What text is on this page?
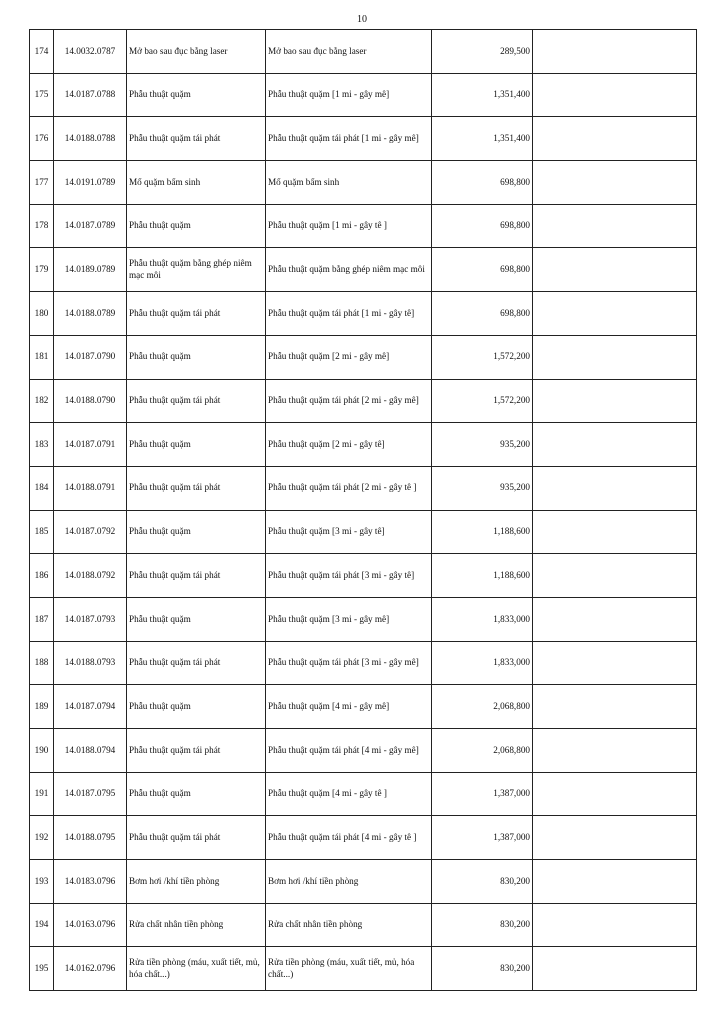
10
174	14.0032.0787	Mở bao sau đục bằng laser	Mở bao sau đục bằng laser	289,500	
175	14.0187.0788	Phẫu thuật quặm	Phẫu thuật quặm [1 mi - gây mê]	1,351,400	
176	14.0188.0788	Phẫu thuật quặm tái phát	Phẫu thuật quặm tái phát [1 mi - gây mê]	1,351,400	
177	14.0191.0789	Mổ quặm bẩm sinh	Mổ quặm bẩm sinh	698,800	
178	14.0187.0789	Phẫu thuật quặm	Phẫu thuật quặm [1 mi - gây tê ]	698,800	
179	14.0189.0789	Phẫu thuật quặm bằng ghép niêm mạc môi	Phẫu thuật quặm bằng ghép niêm mạc môi	698,800	
180	14.0188.0789	Phẫu thuật quặm tái phát	Phẫu thuật quặm tái phát [1 mi - gây tê]	698,800	
181	14.0187.0790	Phẫu thuật quặm	Phẫu thuật quặm [2 mi - gây mê]	1,572,200	
182	14.0188.0790	Phẫu thuật quặm tái phát	Phẫu thuật quặm tái phát [2 mi - gây mê]	1,572,200	
183	14.0187.0791	Phẫu thuật quặm	Phẫu thuật quặm [2 mi - gây tê]	935,200	
184	14.0188.0791	Phẫu thuật quặm tái phát	Phẫu thuật quặm tái phát [2 mi - gây tê ]	935,200	
185	14.0187.0792	Phẫu thuật quặm	Phẫu thuật quặm [3 mi - gây tê]	1,188,600	
186	14.0188.0792	Phẫu thuật quặm tái phát	Phẫu thuật quặm tái phát [3 mi - gây tê]	1,188,600	
187	14.0187.0793	Phẫu thuật quặm	Phẫu thuật quặm [3 mi - gây mê]	1,833,000	
188	14.0188.0793	Phẫu thuật quặm tái phát	Phẫu thuật quặm tái phát [3 mi - gây mê]	1,833,000	
189	14.0187.0794	Phẫu thuật quặm	Phẫu thuật quặm [4 mi - gây mê]	2,068,800	
190	14.0188.0794	Phẫu thuật quặm tái phát	Phẫu thuật quặm tái phát [4 mi - gây mê]	2,068,800	
191	14.0187.0795	Phẫu thuật quặm	Phẫu thuật quặm [4 mi - gây tê ]	1,387,000	
192	14.0188.0795	Phẫu thuật quặm tái phát	Phẫu thuật quặm tái phát [4 mi - gây tê ]	1,387,000	
193	14.0183.0796	Bơm hơi /khí tiền phòng	Bơm hơi /khí tiền phòng	830,200	
194	14.0163.0796	Rửa chất nhân tiền phòng	Rửa chất nhân tiền phòng	830,200	
195	14.0162.0796	Rửa tiền phòng (máu, xuất tiết, mủ, hóa chất...)	Rửa tiền phòng (máu, xuất tiết, mủ, hóa chất...)	830,200	
